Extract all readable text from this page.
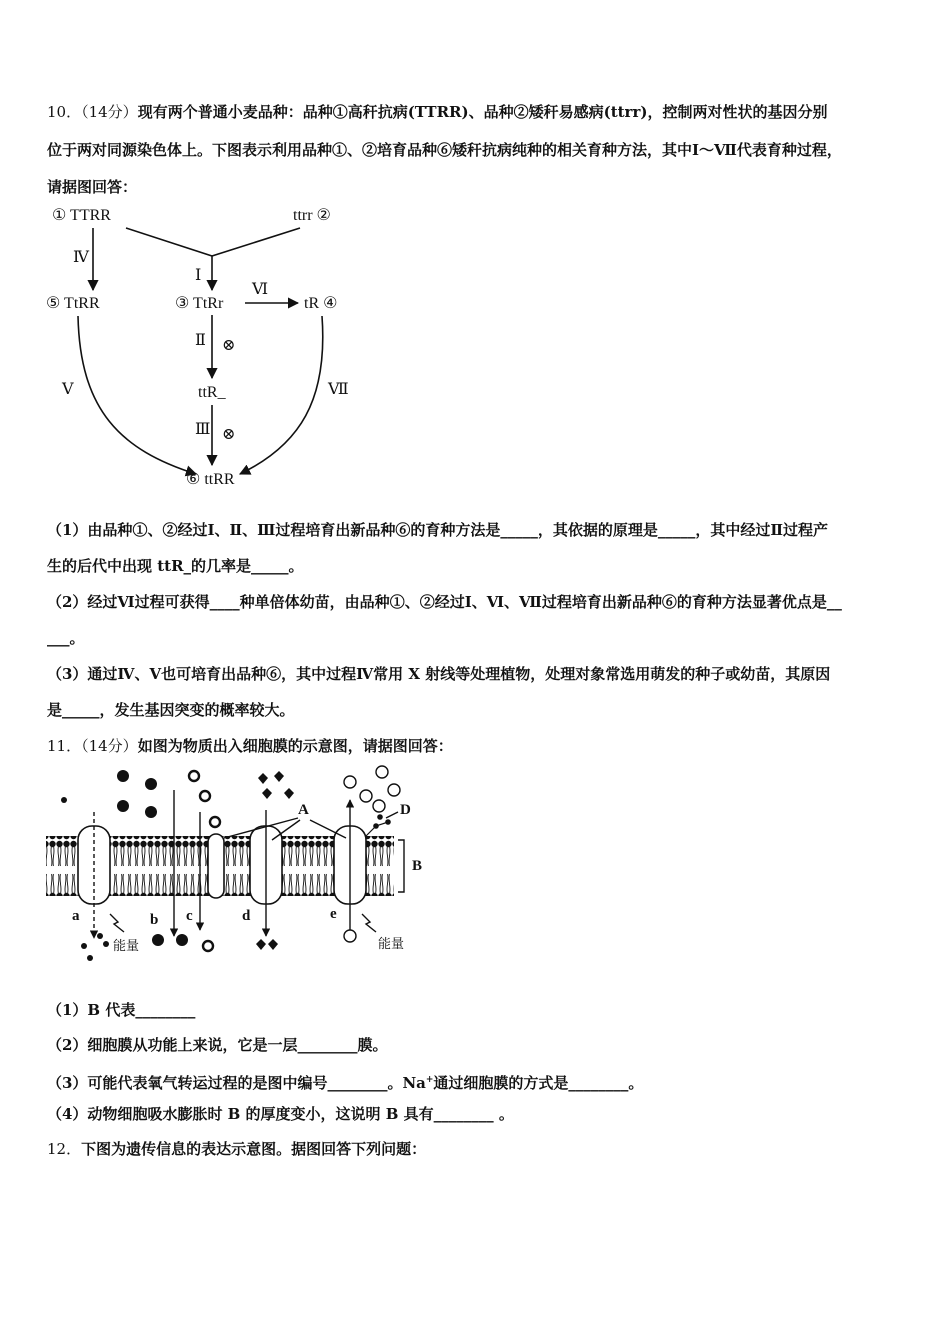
10．（14分）现有两个普通小麦品种：品种①高秆抗病(TTRR)、品种②矮秆易感病(ttrr)，控制两对性状的基因分别
位于两对同源染色体上。下图表示利用品种①、②培育品种⑥矮秆抗病纯种的相关育种方法，其中Ⅰ～Ⅶ代表育种过程，
请据图回答：
① TTRR	ttrr ②
⑤ TtRR	③ TtRr	tR ④
ttR_
⑥ ttRR
Ⅳ
Ⅰ
Ⅵ
Ⅱ ⊗
Ⅴ	Ⅶ
Ⅲ ⊗
（1）由品种①、②经过Ⅰ、Ⅱ、Ⅲ过程培育出新品种⑥的育种方法是_____，其依据的原理是_____，其中经过Ⅱ过程产
生的后代中出现 ttR_的几率是_____。
（2）经过Ⅵ过程可获得____种单倍体幼苗，由品种①、②经过Ⅰ、Ⅵ、Ⅶ过程培育出新品种⑥的育种方法显著优点是__
___。
（3）通过Ⅳ、Ⅴ也可培育出品种⑥，其中过程Ⅳ常用 X 射线等处理植物，处理对象常选用萌发的种子或幼苗，其原因
是_____，发生基因突变的概率较大。
11．（14分）如图为物质出入细胞膜的示意图，请据图回答：
A
B
D
a	b c	d	e
能量	能量
（1）B 代表________
（2）细胞膜从功能上来说，它是一层________膜。
（3）可能代表氧气转运过程的是图中编号________。Na+通过细胞膜的方式是________。
（4）动物细胞吸水膨胀时 B 的厚度变小，这说明 B 具有________ 。
12．下图为遗传信息的表达示意图。据图回答下列问题：
